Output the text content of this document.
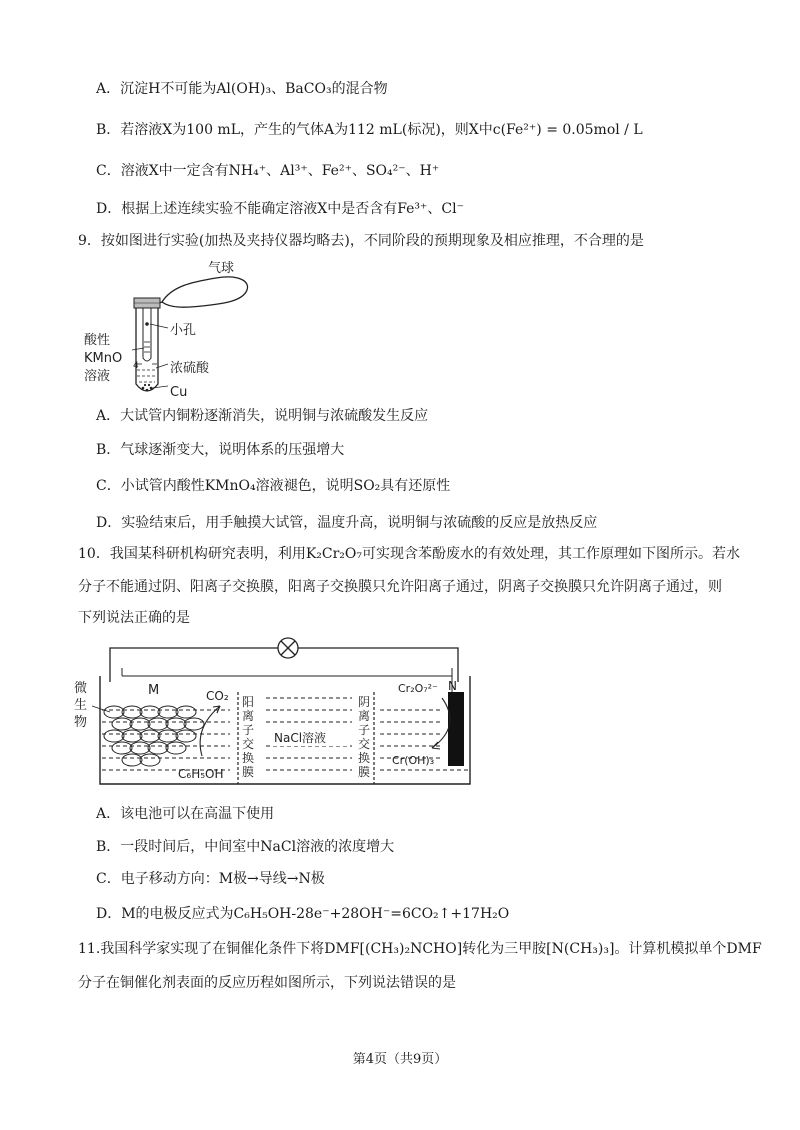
A．沉淀H不可能为Al(OH)₃、BaCO₃的混合物
B．若溶液X为100 mL，产生的气体A为112 mL(标况)，则X中c(Fe²⁺) = 0.05mol / L
C．溶液X中一定含有NH₄⁺、Al³⁺、Fe²⁺、SO₄²⁻、H⁺
D．根据上述连续实验不能确定溶液X中是否含有Fe³⁺、Cl⁻
9．按如图进行实验(加热及夹持仪器均略去)，不同阶段的预期现象及相应推理，不合理的是
气球
小孔
浓硫酸
Cu
酸性
KMnO 4
溶液
A．大试管内铜粉逐渐消失，说明铜与浓硫酸发生反应
B．气球逐渐变大，说明体系的压强增大
C．小试管内酸性KMnO₄溶液褪色，说明SO₂具有还原性
D．实验结束后，用手触摸大试管，温度升高，说明铜与浓硫酸的反应是放热反应
10．我国某科研机构研究表明，利用K₂Cr₂O₇可实现含苯酚废水的有效处理，其工作原理如下图所示。若水
分子不能通过阴、阳离子交换膜，阳离子交换膜只允许阳离子通过，阴离子交换膜只允许阴离子通过，则
下列说法正确的是
微
生
物
M	CO₂
C₆H₅OH
阳
离
子
交
换
膜
阴
离
子
交
换
膜
NaCl溶液
N
Cr₂O₇²⁻
Cr(OH)₃
A．该电池可以在高温下使用
B．一段时间后，中间室中NaCl溶液的浓度增大
C．电子移动方向：M极→导线→N极
D．M的电极反应式为C₆H₅OH-28e⁻+28OH⁻=6CO₂↑+17H₂O
11.我国科学家实现了在铜催化条件下将DMF[(CH₃)₂NCHO]转化为三甲胺[N(CH₃)₃]。计算机模拟单个DMF
分子在铜催化剂表面的反应历程如图所示，下列说法错误的是
第4页（共9页）
